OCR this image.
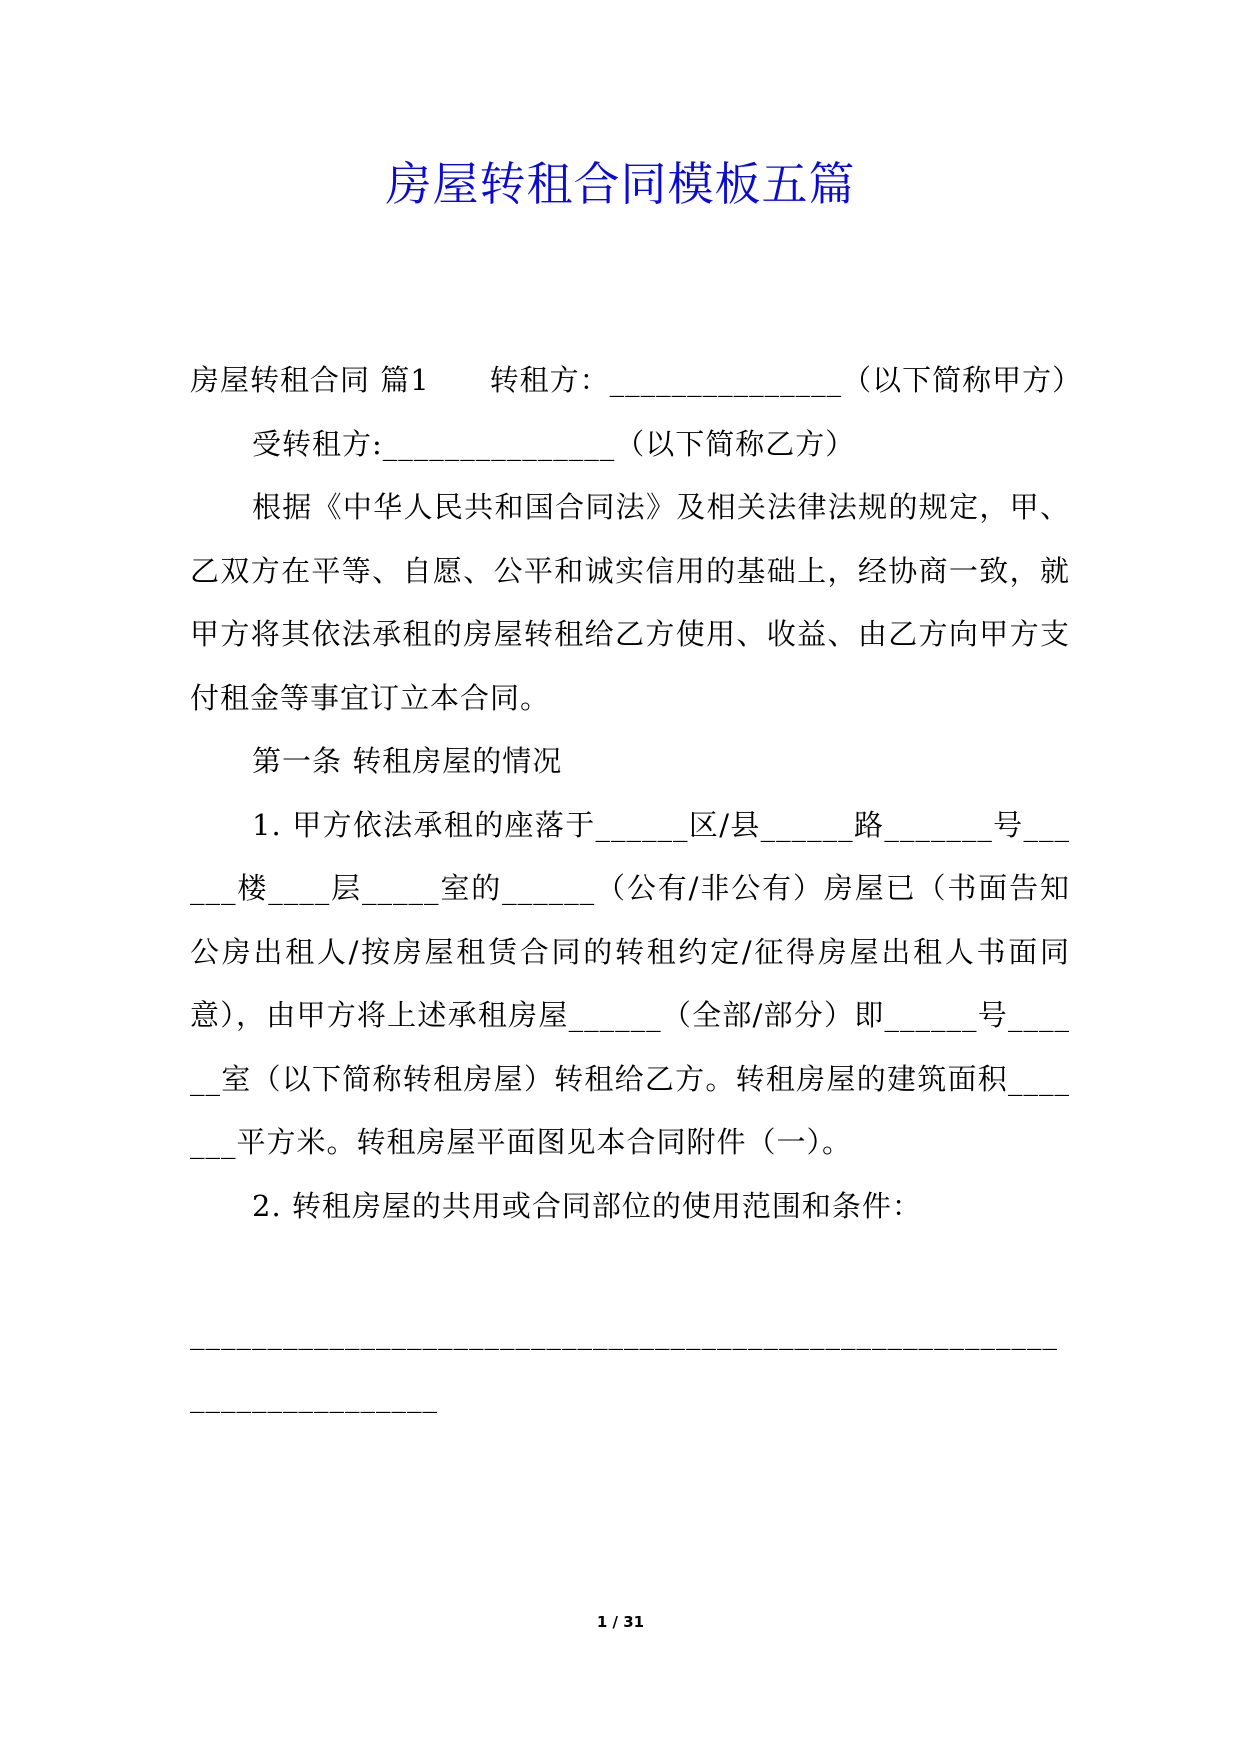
房屋转租合同模板五篇

房屋转租合同 篇1　　转租方：_______________（以下简称甲方）

受转租方:_______________（以下简称乙方）

根据《中华人民共和国合同法》及相关法律法规的规定，甲、乙双方在平等、自愿、公平和诚实信用的基础上，经协商一致，就甲方将其依法承租的房屋转租给乙方使用、收益、由乙方向甲方支付租金等事宜订立本合同。

第一条 转租房屋的情况

1. 甲方依法承租的座落于______区/县______路_______号______楼____层_____室的______（公有/非公有）房屋已（书面告知公房出租人/按房屋租赁合同的转租约定/征得房屋出租人书面同意），由甲方将上述承租房屋______（全部/部分）即______号______室（以下简称转租房屋）转租给乙方。转租房屋的建筑面积_______平方米。转租房屋平面图见本合同附件（一）。

2. 转租房屋的共用或合同部位的使用范围和条件：

________________________________________________________________________

1 / 31
